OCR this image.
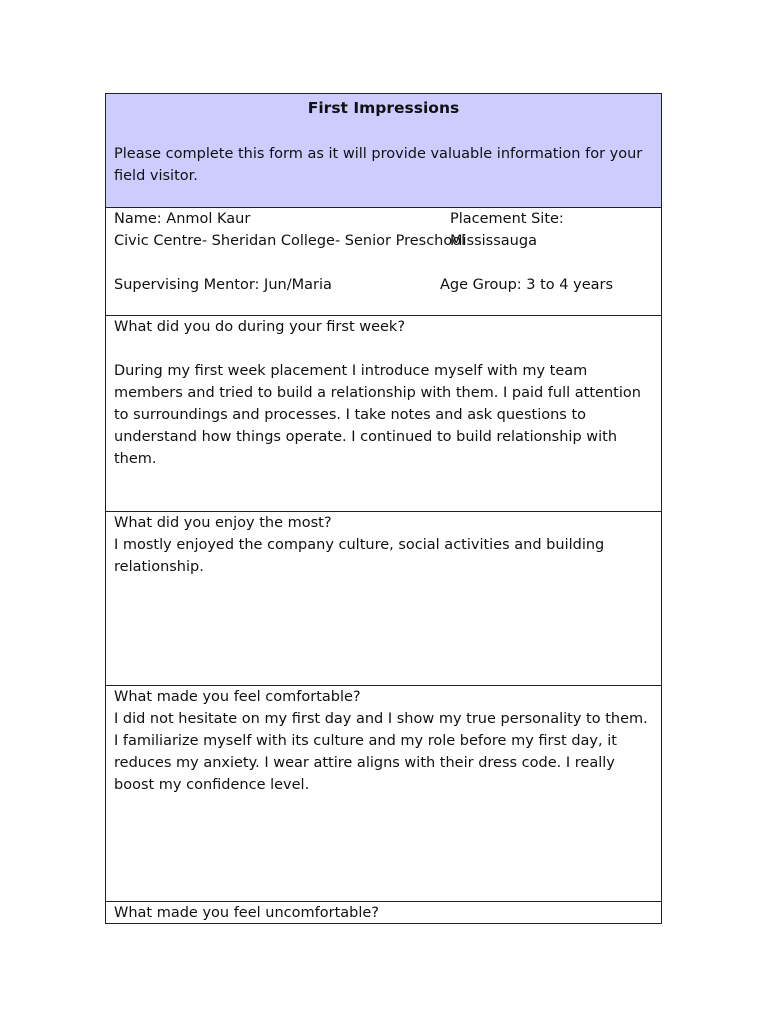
First Impressions

Please complete this form as it will provide valuable information for your field visitor.

Name: Anmol Kaur	Placement Site: Mississauga
Civic Centre- Sheridan College- Senior Preschool
Supervising Mentor: Jun/Maria	Age Group: 3 to 4 years

What did you do during your first week?

During my first week placement I introduce myself with my team members and tried to build a relationship with them. I paid full attention to surroundings and processes. I take notes and ask questions to understand how things operate. I continued to build relationship with them.

What did you enjoy the most?

I mostly enjoyed the company culture, social activities and building relationship.

What made you feel comfortable?

I did not hesitate on my first day and I show my true personality to them. I familiarize myself with its culture and my role before my first day, it reduces my anxiety. I wear attire aligns with their dress code. I really boost my confidence level.

What made you feel uncomfortable?
